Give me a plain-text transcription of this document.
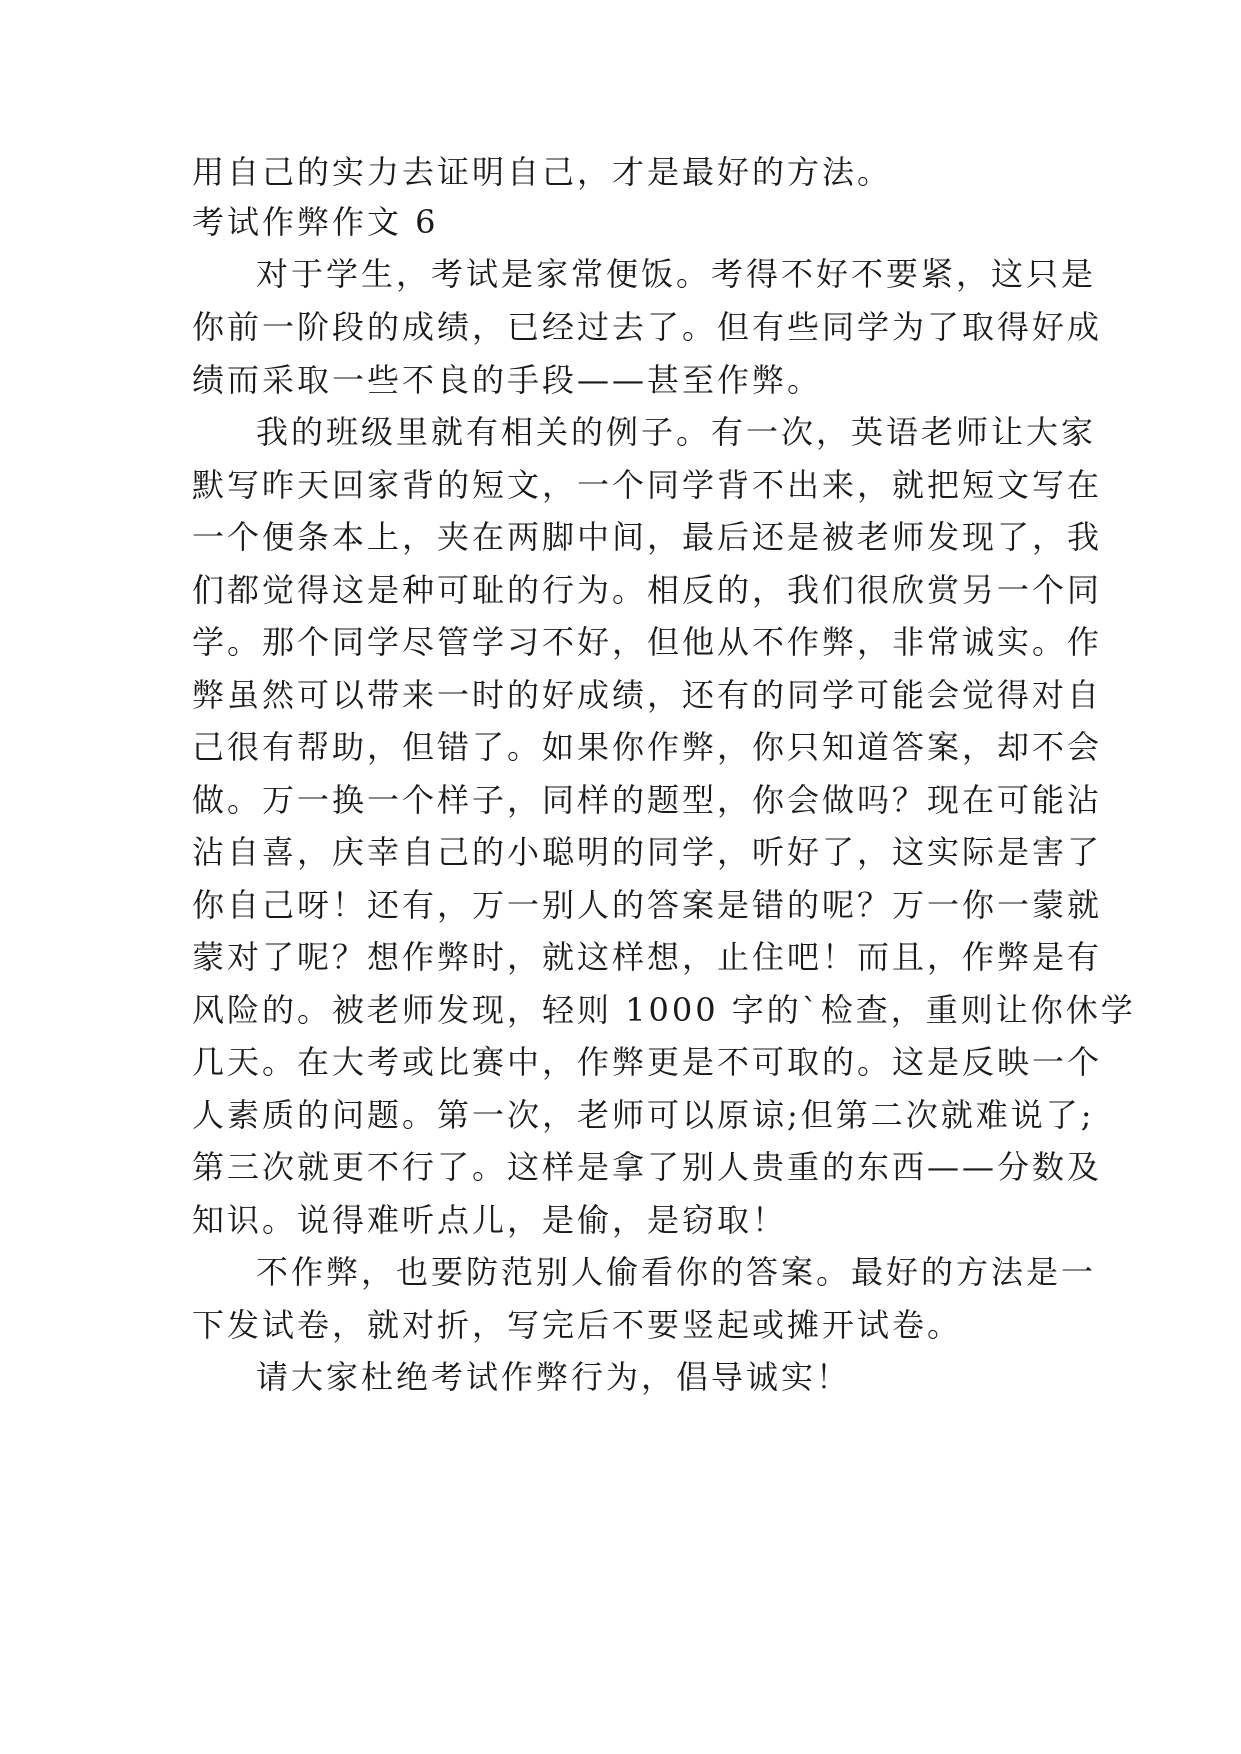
用自己的实力去证明自己，才是最好的方法。
考试作弊作文 6
对于学生，考试是家常便饭。考得不好不要紧，这只是
你前一阶段的成绩，已经过去了。但有些同学为了取得好成
绩而采取一些不良的手段——甚至作弊。
我的班级里就有相关的例子。有一次，英语老师让大家
默写昨天回家背的短文，一个同学背不出来，就把短文写在
一个便条本上，夹在两脚中间，最后还是被老师发现了，我
们都觉得这是种可耻的行为。相反的，我们很欣赏另一个同
学。那个同学尽管学习不好，但他从不作弊，非常诚实。作
弊虽然可以带来一时的好成绩，还有的同学可能会觉得对自
己很有帮助，但错了。如果你作弊，你只知道答案，却不会
做。万一换一个样子，同样的题型，你会做吗？现在可能沾
沾自喜，庆幸自己的小聪明的同学，听好了，这实际是害了
你自己呀！还有，万一别人的答案是错的呢？万一你一蒙就
蒙对了呢？想作弊时，就这样想，止住吧！而且，作弊是有
风险的。被老师发现，轻则 1000 字的`检查，重则让你休学
几天。在大考或比赛中，作弊更是不可取的。这是反映一个
人素质的问题。第一次，老师可以原谅;但第二次就难说了;
第三次就更不行了。这样是拿了别人贵重的东西——分数及
知识。说得难听点儿，是偷，是窃取！
不作弊，也要防范别人偷看你的答案。最好的方法是一
下发试卷，就对折，写完后不要竖起或摊开试卷。
请大家杜绝考试作弊行为，倡导诚实！
